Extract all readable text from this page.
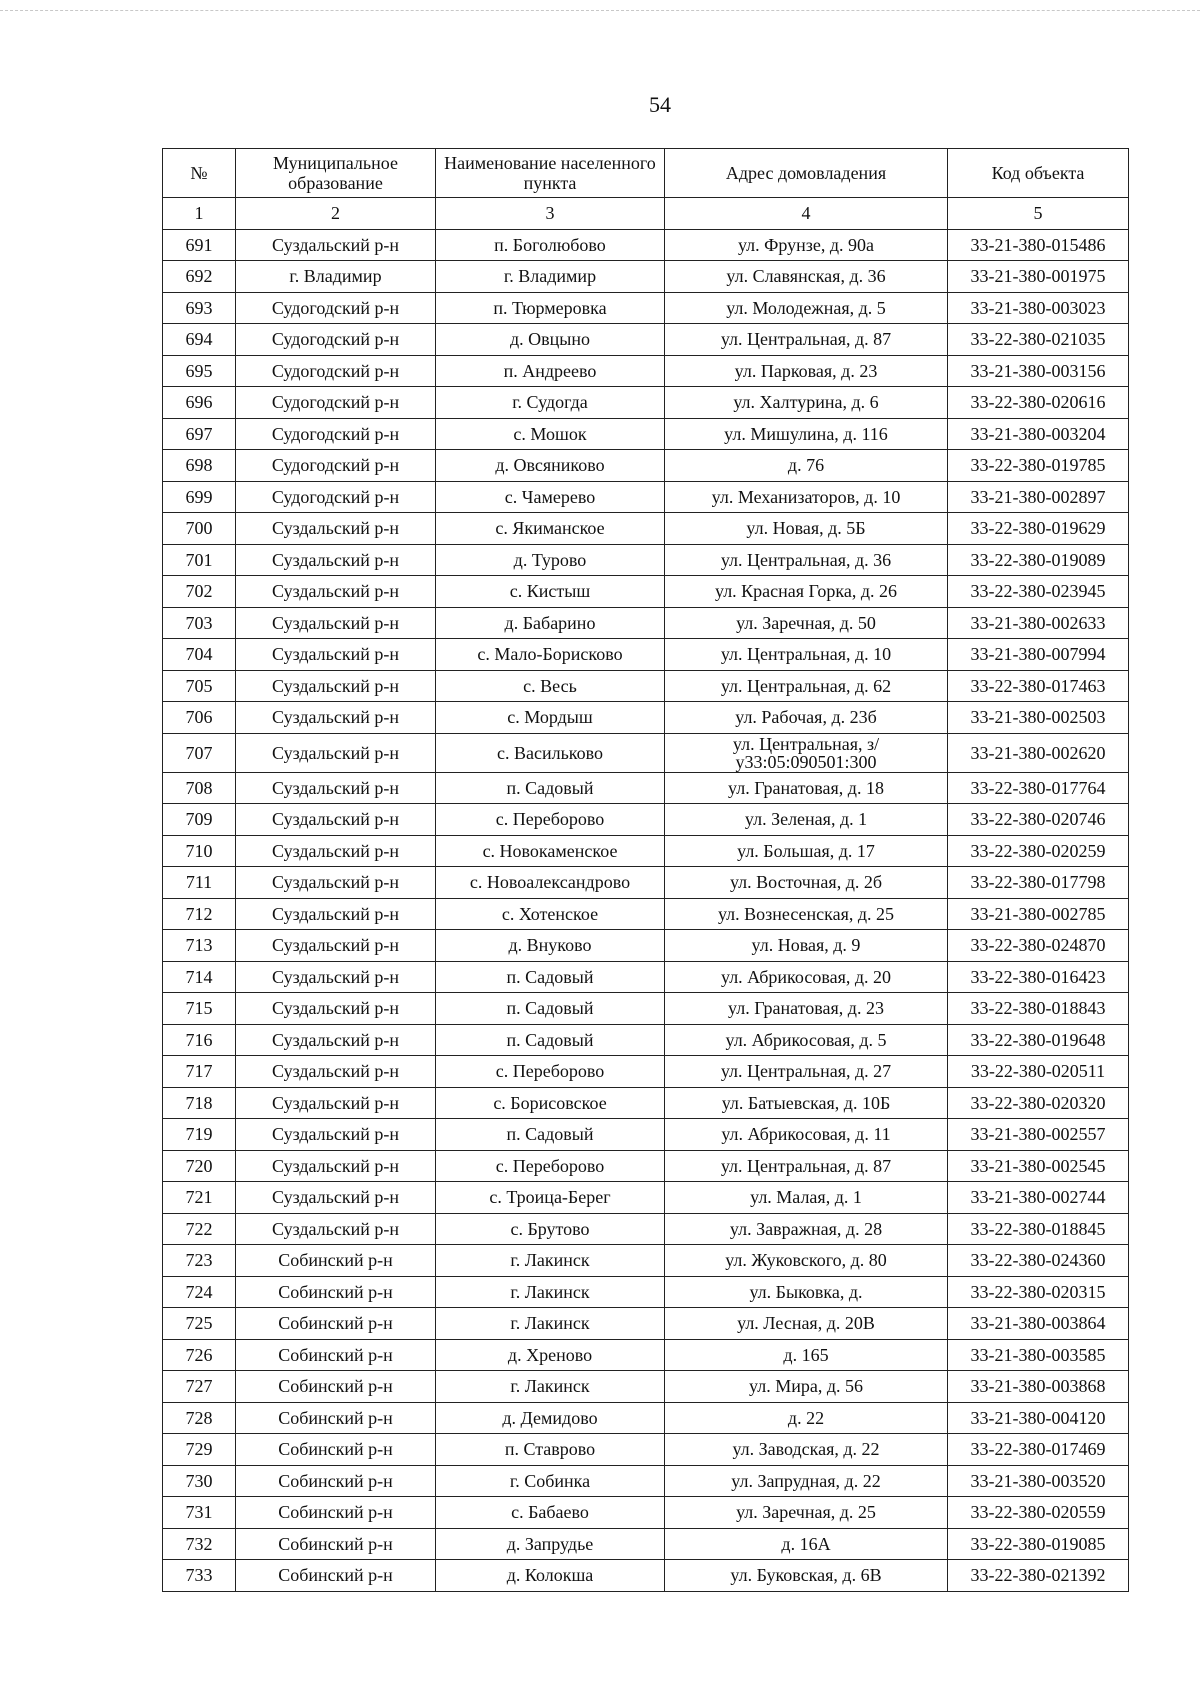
54
№	Муниципальное образование	Наименование населенного пункта	Адрес домовладения	Код объекта
1	2	3	4	5
691	Суздальский р-н	п. Боголюбово	ул. Фрунзе, д. 90а	33-21-380-015486
692	г. Владимир	г. Владимир	ул. Славянская, д. 36	33-21-380-001975
693	Судогодский р-н	п. Тюрмеровка	ул. Молодежная, д. 5	33-21-380-003023
694	Судогодский р-н	д. Овцыно	ул. Центральная, д. 87	33-22-380-021035
695	Судогодский р-н	п. Андреево	ул. Парковая, д. 23	33-21-380-003156
696	Судогодский р-н	г. Судогда	ул. Халтурина, д. 6	33-22-380-020616
697	Судогодский р-н	с. Мошок	ул. Мишулина, д. 116	33-21-380-003204
698	Судогодский р-н	д. Овсяниково	д. 76	33-22-380-019785
699	Судогодский р-н	с. Чамерево	ул. Механизаторов, д. 10	33-21-380-002897
700	Суздальский р-н	с. Якиманское	ул. Новая, д. 5Б	33-22-380-019629
701	Суздальский р-н	д. Турово	ул. Центральная, д. 36	33-22-380-019089
702	Суздальский р-н	с. Кистыш	ул. Красная Горка, д. 26	33-22-380-023945
703	Суздальский р-н	д. Бабарино	ул. Заречная, д. 50	33-21-380-002633
704	Суздальский р-н	с. Мало-Борисково	ул. Центральная, д. 10	33-21-380-007994
705	Суздальский р-н	с. Весь	ул. Центральная, д. 62	33-22-380-017463
706	Суздальский р-н	с. Мордыш	ул. Рабочая, д. 23б	33-21-380-002503
707	Суздальский р-н	с. Васильково	ул. Центральная, з/у33:05:090501:300	33-21-380-002620
708	Суздальский р-н	п. Садовый	ул. Гранатовая, д. 18	33-22-380-017764
709	Суздальский р-н	с. Переборово	ул. Зеленая, д. 1	33-22-380-020746
710	Суздальский р-н	с. Новокаменское	ул. Большая, д. 17	33-22-380-020259
711	Суздальский р-н	с. Новоалександрово	ул. Восточная, д. 2б	33-22-380-017798
712	Суздальский р-н	с. Хотенское	ул. Вознесенская, д. 25	33-21-380-002785
713	Суздальский р-н	д. Внуково	ул. Новая, д. 9	33-22-380-024870
714	Суздальский р-н	п. Садовый	ул. Абрикосовая, д. 20	33-22-380-016423
715	Суздальский р-н	п. Садовый	ул. Гранатовая, д. 23	33-22-380-018843
716	Суздальский р-н	п. Садовый	ул. Абрикосовая, д. 5	33-22-380-019648
717	Суздальский р-н	с. Переборово	ул. Центральная, д. 27	33-22-380-020511
718	Суздальский р-н	с. Борисовское	ул. Батыевская, д. 10Б	33-22-380-020320
719	Суздальский р-н	п. Садовый	ул. Абрикосовая, д. 11	33-21-380-002557
720	Суздальский р-н	с. Переборово	ул. Центральная, д. 87	33-21-380-002545
721	Суздальский р-н	с. Троица-Берег	ул. Малая, д. 1	33-21-380-002744
722	Суздальский р-н	с. Брутово	ул. Завражная, д. 28	33-22-380-018845
723	Собинский р-н	г. Лакинск	ул. Жуковского, д. 80	33-22-380-024360
724	Собинский р-н	г. Лакинск	ул. Быковка, д.	33-22-380-020315
725	Собинский р-н	г. Лакинск	ул. Лесная, д. 20В	33-21-380-003864
726	Собинский р-н	д. Хреново	д. 165	33-21-380-003585
727	Собинский р-н	г. Лакинск	ул. Мира, д. 56	33-21-380-003868
728	Собинский р-н	д. Демидово	д. 22	33-21-380-004120
729	Собинский р-н	п. Ставрово	ул. Заводская, д. 22	33-22-380-017469
730	Собинский р-н	г. Собинка	ул. Запрудная, д. 22	33-21-380-003520
731	Собинский р-н	с. Бабаево	ул. Заречная, д. 25	33-22-380-020559
732	Собинский р-н	д. Запрудье	д. 16А	33-22-380-019085
733	Собинский р-н	д. Колокша	ул. Буковская, д. 6В	33-22-380-021392
